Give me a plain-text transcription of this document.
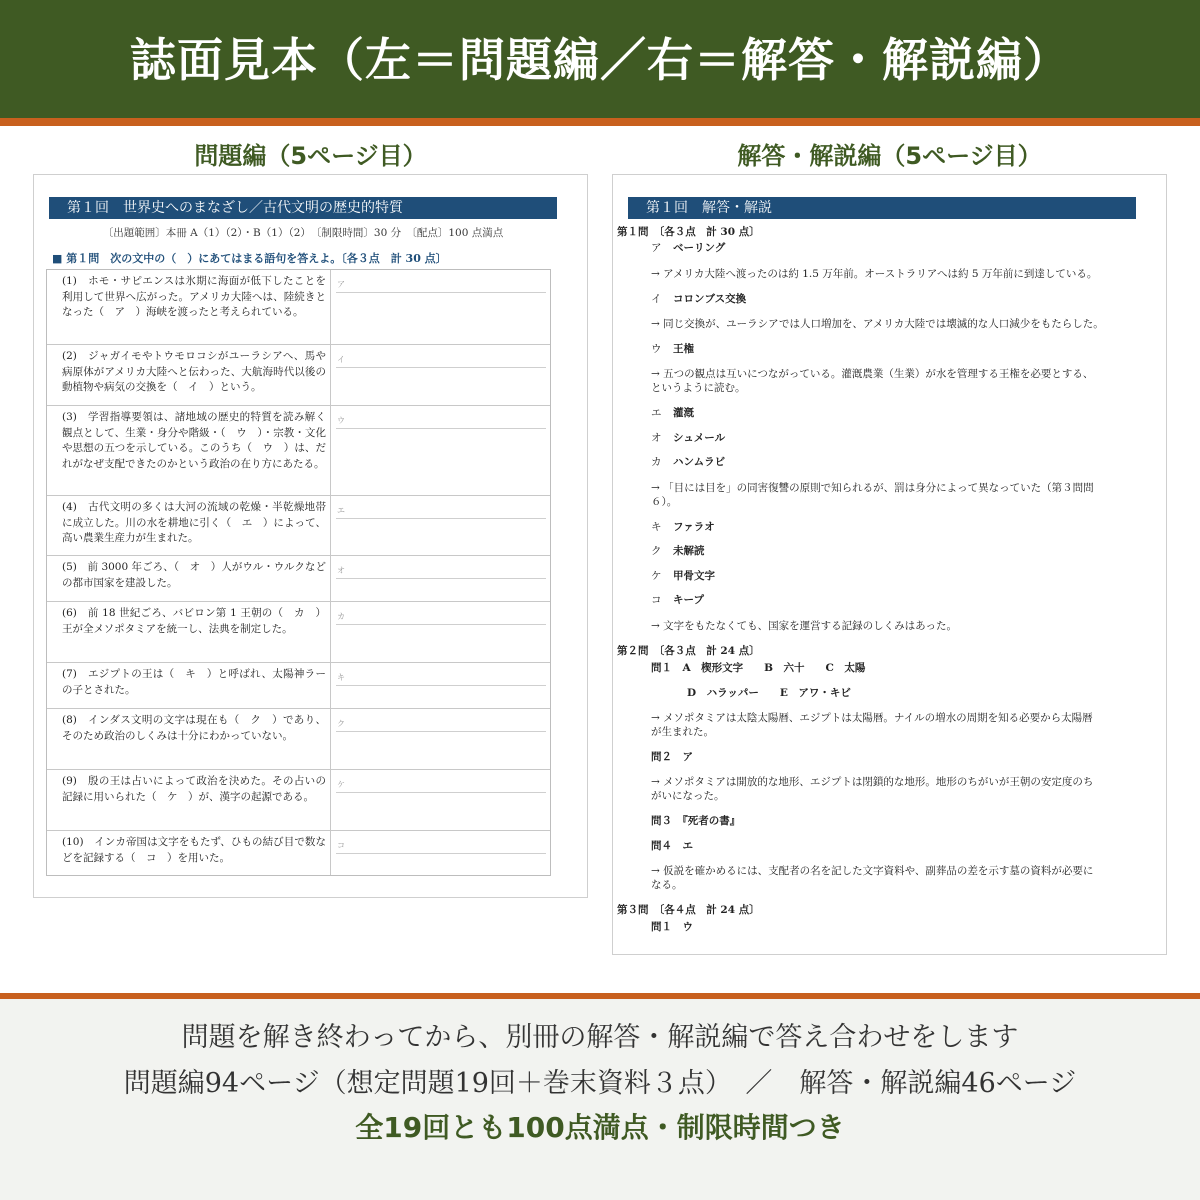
誌面見本（左＝問題編／右＝解答・解説編）
問題編（5ページ目）	解答・解説編（5ページ目）
第１回　世界史へのまなざし／古代文明の歴史的特質
〔出題範囲〕本冊 A（1）（2）・B（1）（2）　〔制限時間〕30 分　〔配点〕100 点満点
■ 第１問　次の文中の（　）にあてはまる語句を答えよ。〔各３点　計 30 点〕
(1)　ホモ・サピエンスは氷期に海面が低下したことを利用して世界へ広がった。アメリカ大陸へは、陸続きとなった（　ア　）海峡を渡ったと考えられている。
ア
(2)　ジャガイモやトウモロコシがユーラシアへ、馬や病原体がアメリカ大陸へと伝わった、大航海時代以後の動植物や病気の交換を（　イ　）という。
イ
(3)　学習指導要領は、諸地域の歴史的特質を読み解く観点として、生業・身分や階級・（　ウ　）・宗教・文化や思想の五つを示している。このうち（　ウ　）は、だれがなぜ支配できたのかという政治の在り方にあたる。
ウ
(4)　古代文明の多くは大河の流域の乾燥・半乾燥地帯に成立した。川の水を耕地に引く（　エ　）によって、高い農業生産力が生まれた。
エ
(5)　前 3000 年ごろ、（　オ　）人がウル・ウルクなどの都市国家を建設した。
オ
(6)　前 18 世紀ごろ、バビロン第 1 王朝の（　カ　）王が全メソポタミアを統一し、法典を制定した。
カ
(7)　エジプトの王は（　キ　）と呼ばれ、太陽神ラーの子とされた。
キ
(8)　インダス文明の文字は現在も（　ク　）であり、そのため政治のしくみは十分にわかっていない。
ク
(9)　殷の王は占いによって政治を決めた。その占いの記録に用いられた（　ケ　）が、漢字の起源である。
ケ
(10)　インカ帝国は文字をもたず、ひもの結び目で数などを記録する（　コ　）を用いた。
コ
第１回　解答・解説
第１問　〔各３点　計 30 点〕
ア ベーリング
→ アメリカ大陸へ渡ったのは約 1.5 万年前。オーストラリアへは約 5 万年前に到達している。
イ コロンブス交換
→ 同じ交換が、ユーラシアでは人口増加を、アメリカ大陸では壊滅的な人口減少をもたらした。
ウ 王権
→ 五つの観点は互いにつながっている。灌漑農業（生業）が水を管理する王権を必要とする、
というように読む。
エ 灌漑
オ シュメール
カ ハンムラビ
→ 「目には目を」の同害復讐の原則で知られるが、罰は身分によって異なっていた（第３問問
６）。
キ ファラオ
ク 未解読
ケ 甲骨文字
コ キープ
→ 文字をもたなくても、国家を運営する記録のしくみはあった。
第２問　〔各３点　計 24 点〕
問１　A　楔形文字　　B　六十　　C　太陽
D　ハラッパー　　E　アワ・キビ
→ メソポタミアは太陰太陽暦、エジプトは太陽暦。ナイルの増水の周期を知る必要から太陽暦
が生まれた。
問２　ア
→ メソポタミアは開放的な地形、エジプトは閉鎖的な地形。地形のちがいが王朝の安定度のち
がいになった。
問３　『死者の書』
問４　エ
→ 仮説を確かめるには、支配者の名を記した文字資料や、副葬品の差を示す墓の資料が必要に
なる。
第３問　〔各４点　計 24 点〕
問１　ウ
問題を解き終わってから、別冊の解答・解説編で答え合わせをします
問題編94ページ（想定問題19回＋巻末資料３点）　／　解答・解説編46ページ
全19回とも100点満点・制限時間つき
